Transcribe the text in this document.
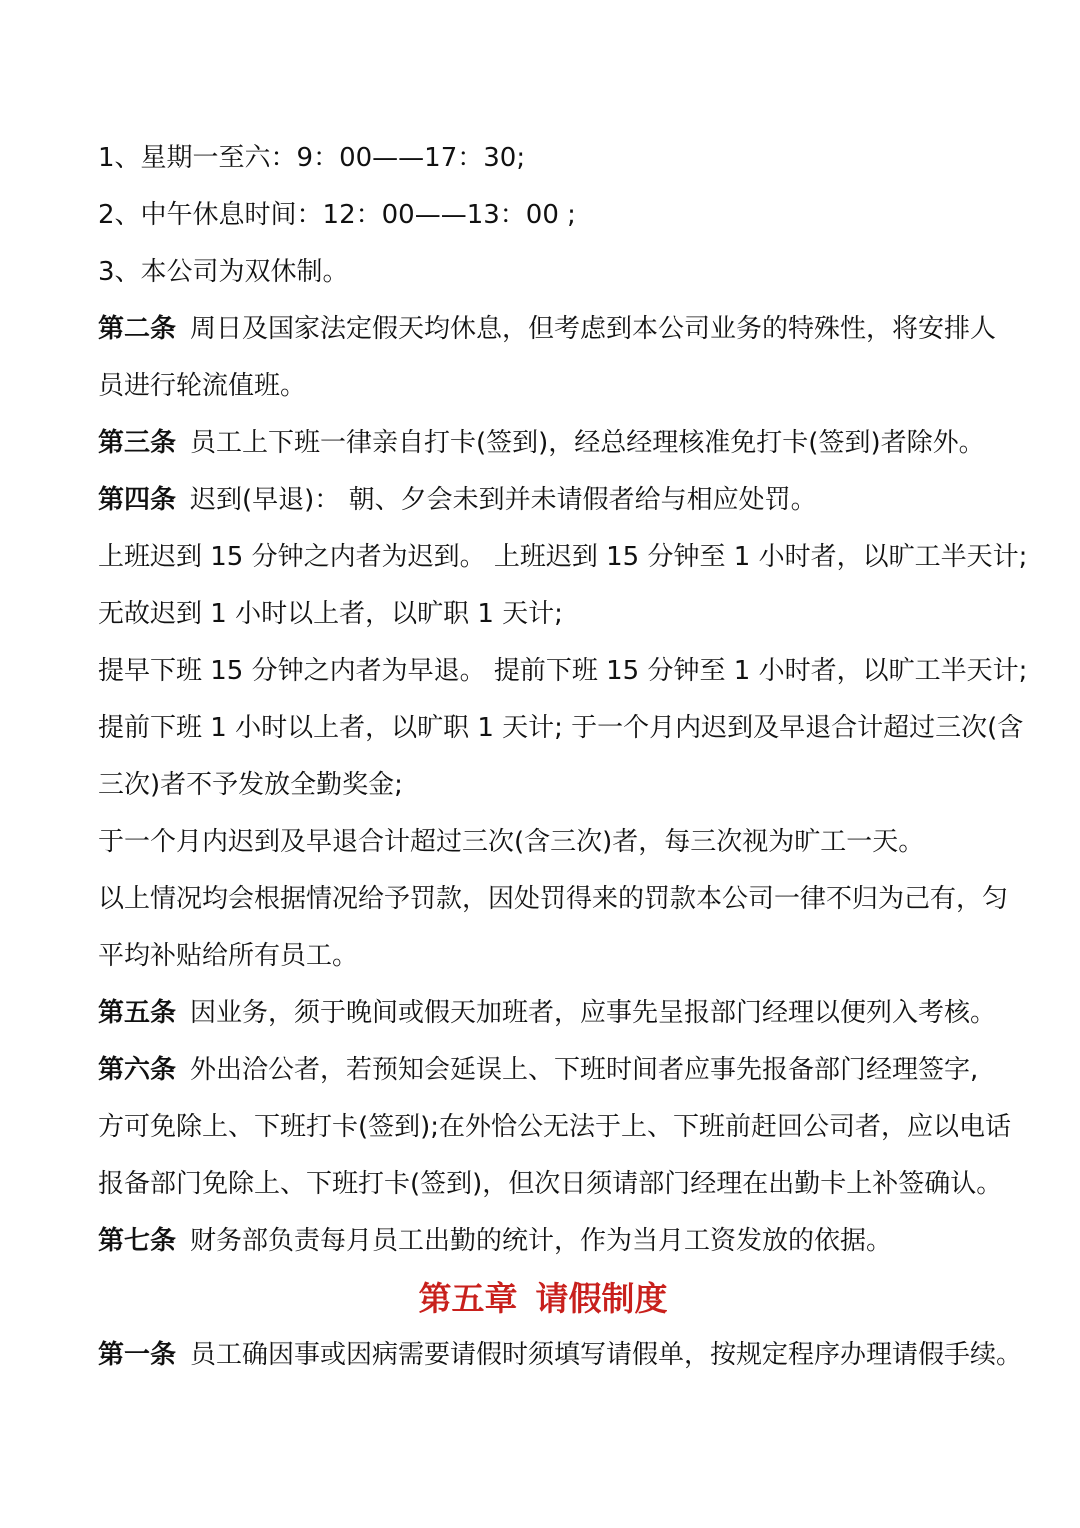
1、星期一至六：9：00——17：30;
2、中午休息时间：12：00——13：00 ;
3、本公司为双休制。
第二条 周日及国家法定假天均休息，但考虑到本公司业务的特殊性，将安排人
员进行轮流值班。
第三条 员工上下班一律亲自打卡(签到)，经总经理核准免打卡(签到)者除外。
第四条 迟到(早退)： 朝、夕会未到并未请假者给与相应处罚。
上班迟到 15 分钟之内者为迟到。 上班迟到 15 分钟至 1 小时者，以旷工半天计;
无故迟到 1 小时以上者，以旷职 1 天计;
提早下班 15 分钟之内者为早退。 提前下班 15 分钟至 1 小时者，以旷工半天计;
提前下班 1 小时以上者，以旷职 1 天计; 于一个月内迟到及早退合计超过三次(含
三次)者不予发放全勤奖金;
于一个月内迟到及早退合计超过三次(含三次)者，每三次视为旷工一天。
以上情况均会根据情况给予罚款，因处罚得来的罚款本公司一律不归为己有，匀
平均补贴给所有员工。
第五条 因业务，须于晚间或假天加班者，应事先呈报部门经理以便列入考核。
第六条 外出洽公者，若预知会延误上、下班时间者应事先报备部门经理签字,
方可免除上、下班打卡(签到);在外恰公无法于上、下班前赶回公司者，应以电话
报备部门免除上、下班打卡(签到)，但次日须请部门经理在出勤卡上补签确认。
第七条 财务部负责每月员工出勤的统计，作为当月工资发放的依据。
第五章 请假制度
第一条 员工确因事或因病需要请假时须填写请假单，按规定程序办理请假手续。
